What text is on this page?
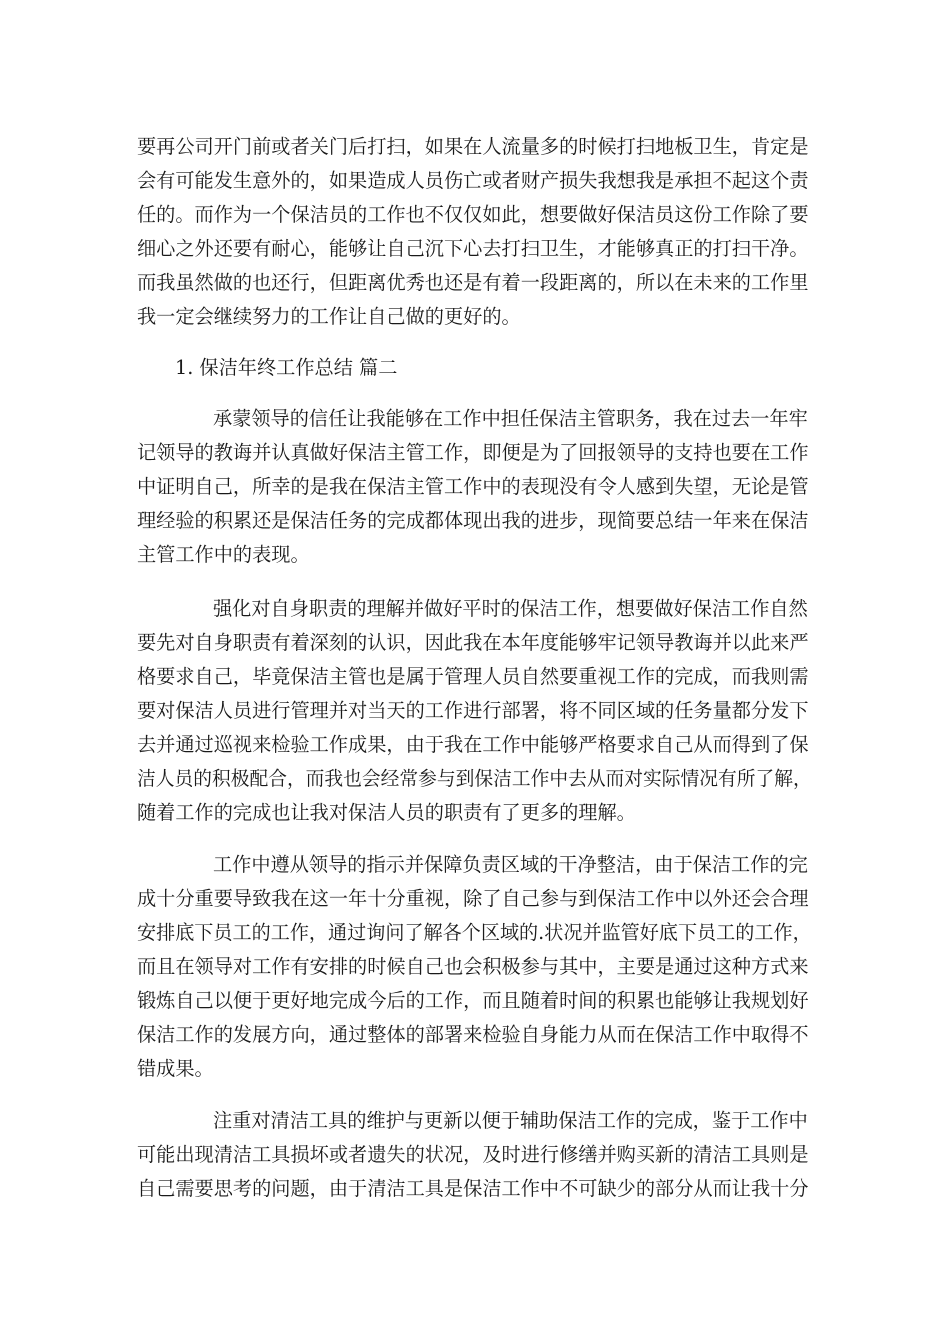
要再公司开门前或者关门后打扫，如果在人流量多的时候打扫地板卫生，肯定是
会有可能发生意外的，如果造成人员伤亡或者财产损失我想我是承担不起这个责
任的。而作为一个保洁员的工作也不仅仅如此，想要做好保洁员这份工作除了要
细心之外还要有耐心，能够让自己沉下心去打扫卫生，才能够真正的打扫干净。
而我虽然做的也还行，但距离优秀也还是有着一段距离的，所以在未来的工作里
我一定会继续努力的工作让自己做的更好的。
1. 保洁年终工作总结 篇二
承蒙领导的信任让我能够在工作中担任保洁主管职务，我在过去一年牢
记领导的教诲并认真做好保洁主管工作，即便是为了回报领导的支持也要在工作
中证明自己，所幸的是我在保洁主管工作中的表现没有令人感到失望，无论是管
理经验的积累还是保洁任务的完成都体现出我的进步，现简要总结一年来在保洁
主管工作中的表现。
强化对自身职责的理解并做好平时的保洁工作，想要做好保洁工作自然
要先对自身职责有着深刻的认识，因此我在本年度能够牢记领导教诲并以此来严
格要求自己，毕竟保洁主管也是属于管理人员自然要重视工作的完成，而我则需
要对保洁人员进行管理并对当天的工作进行部署，将不同区域的任务量都分发下
去并通过巡视来检验工作成果，由于我在工作中能够严格要求自己从而得到了保
洁人员的积极配合，而我也会经常参与到保洁工作中去从而对实际情况有所了解，
随着工作的完成也让我对保洁人员的职责有了更多的理解。
工作中遵从领导的指示并保障负责区域的干净整洁，由于保洁工作的完
成十分重要导致我在这一年十分重视，除了自己参与到保洁工作中以外还会合理
安排底下员工的工作，通过询问了解各个区域的.状况并监管好底下员工的工作，
而且在领导对工作有安排的时候自己也会积极参与其中，主要是通过这种方式来
锻炼自己以便于更好地完成今后的工作，而且随着时间的积累也能够让我规划好
保洁工作的发展方向，通过整体的部署来检验自身能力从而在保洁工作中取得不
错成果。
注重对清洁工具的维护与更新以便于辅助保洁工作的完成，鉴于工作中
可能出现清洁工具损坏或者遗失的状况，及时进行修缮并购买新的清洁工具则是
自己需要思考的问题，由于清洁工具是保洁工作中不可缺少的部分从而让我十分
